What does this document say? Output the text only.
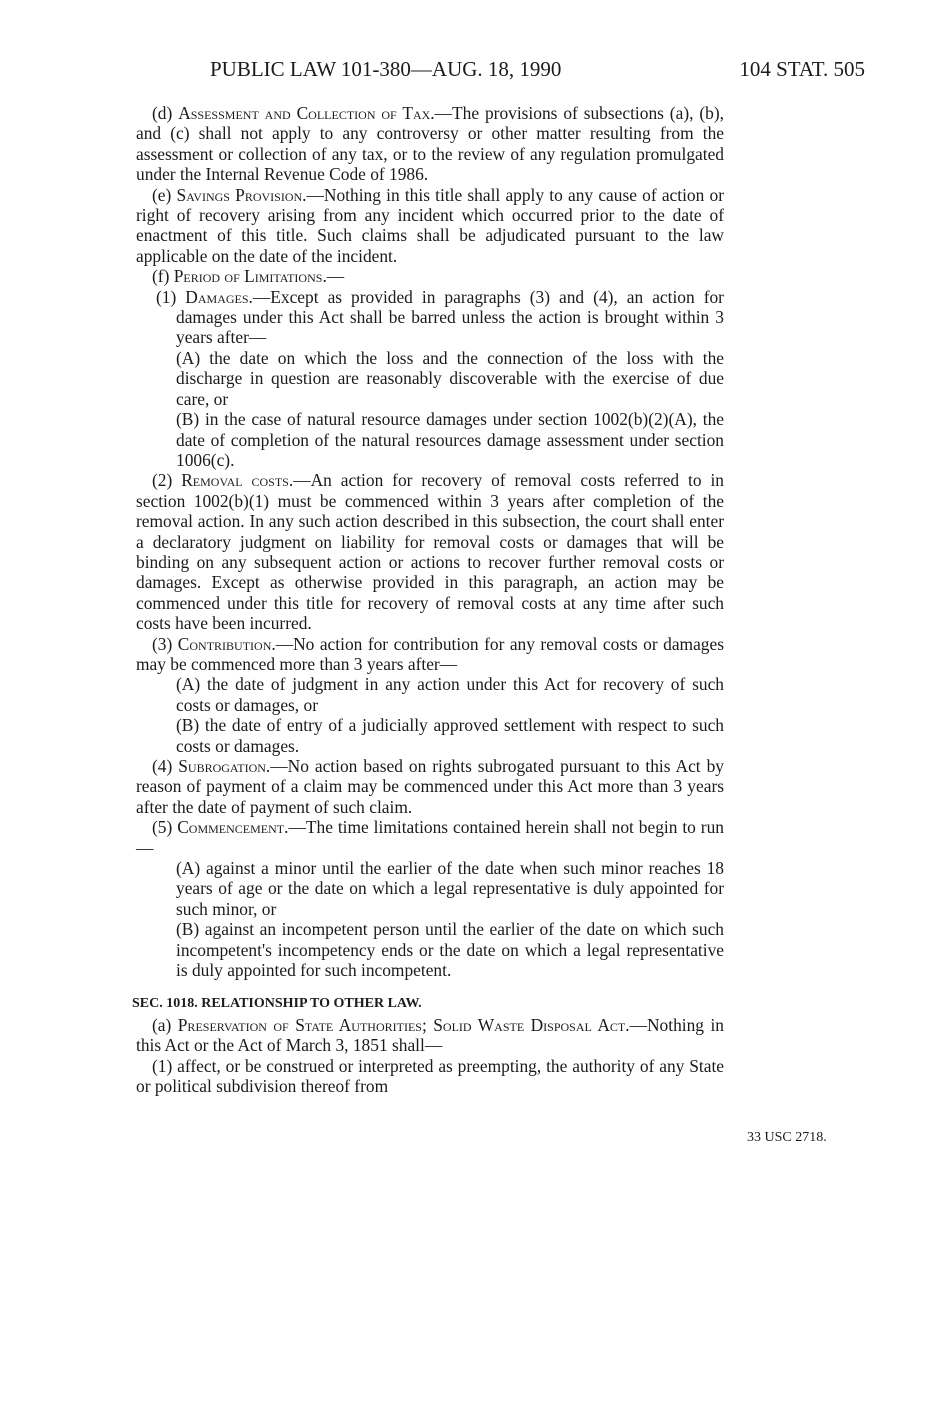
PUBLIC LAW 101-380—AUG. 18, 1990	104 STAT. 505

(d) Assessment and Collection of Tax.—The provisions of subsections (a), (b), and (c) shall not apply to any controversy or other matter resulting from the assessment or collection of any tax, or to the review of any regulation promulgated under the Internal Revenue Code of 1986.

(e) Savings Provision.—Nothing in this title shall apply to any cause of action or right of recovery arising from any incident which occurred prior to the date of enactment of this title. Such claims shall be adjudicated pursuant to the law applicable on the date of the incident.

(f) Period of Limitations.—

(1) Damages.—Except as provided in paragraphs (3) and (4), an action for damages under this Act shall be barred unless the action is brought within 3 years after—

(A) the date on which the loss and the connection of the loss with the discharge in question are reasonably discoverable with the exercise of due care, or

(B) in the case of natural resource damages under section 1002(b)(2)(A), the date of completion of the natural resources damage assessment under section 1006(c).

(2) Removal costs.—An action for recovery of removal costs referred to in section 1002(b)(1) must be commenced within 3 years after completion of the removal action. In any such action described in this subsection, the court shall enter a declaratory judgment on liability for removal costs or damages that will be binding on any subsequent action or actions to recover further removal costs or damages. Except as otherwise provided in this paragraph, an action may be commenced under this title for recovery of removal costs at any time after such costs have been incurred.

(3) Contribution.—No action for contribution for any removal costs or damages may be commenced more than 3 years after—

(A) the date of judgment in any action under this Act for recovery of such costs or damages, or

(B) the date of entry of a judicially approved settlement with respect to such costs or damages.

(4) Subrogation.—No action based on rights subrogated pursuant to this Act by reason of payment of a claim may be commenced under this Act more than 3 years after the date of payment of such claim.

(5) Commencement.—The time limitations contained herein shall not begin to run—

(A) against a minor until the earlier of the date when such minor reaches 18 years of age or the date on which a legal representative is duly appointed for such minor, or

(B) against an incompetent person until the earlier of the date on which such incompetent's incompetency ends or the date on which a legal representative is duly appointed for such incompetent.

SEC. 1018. RELATIONSHIP TO OTHER LAW.

(a) Preservation of State Authorities; Solid Waste Disposal Act.—Nothing in this Act or the Act of March 3, 1851 shall—

(1) affect, or be construed or interpreted as preempting, the authority of any State or political subdivision thereof from

33 USC 2718.
